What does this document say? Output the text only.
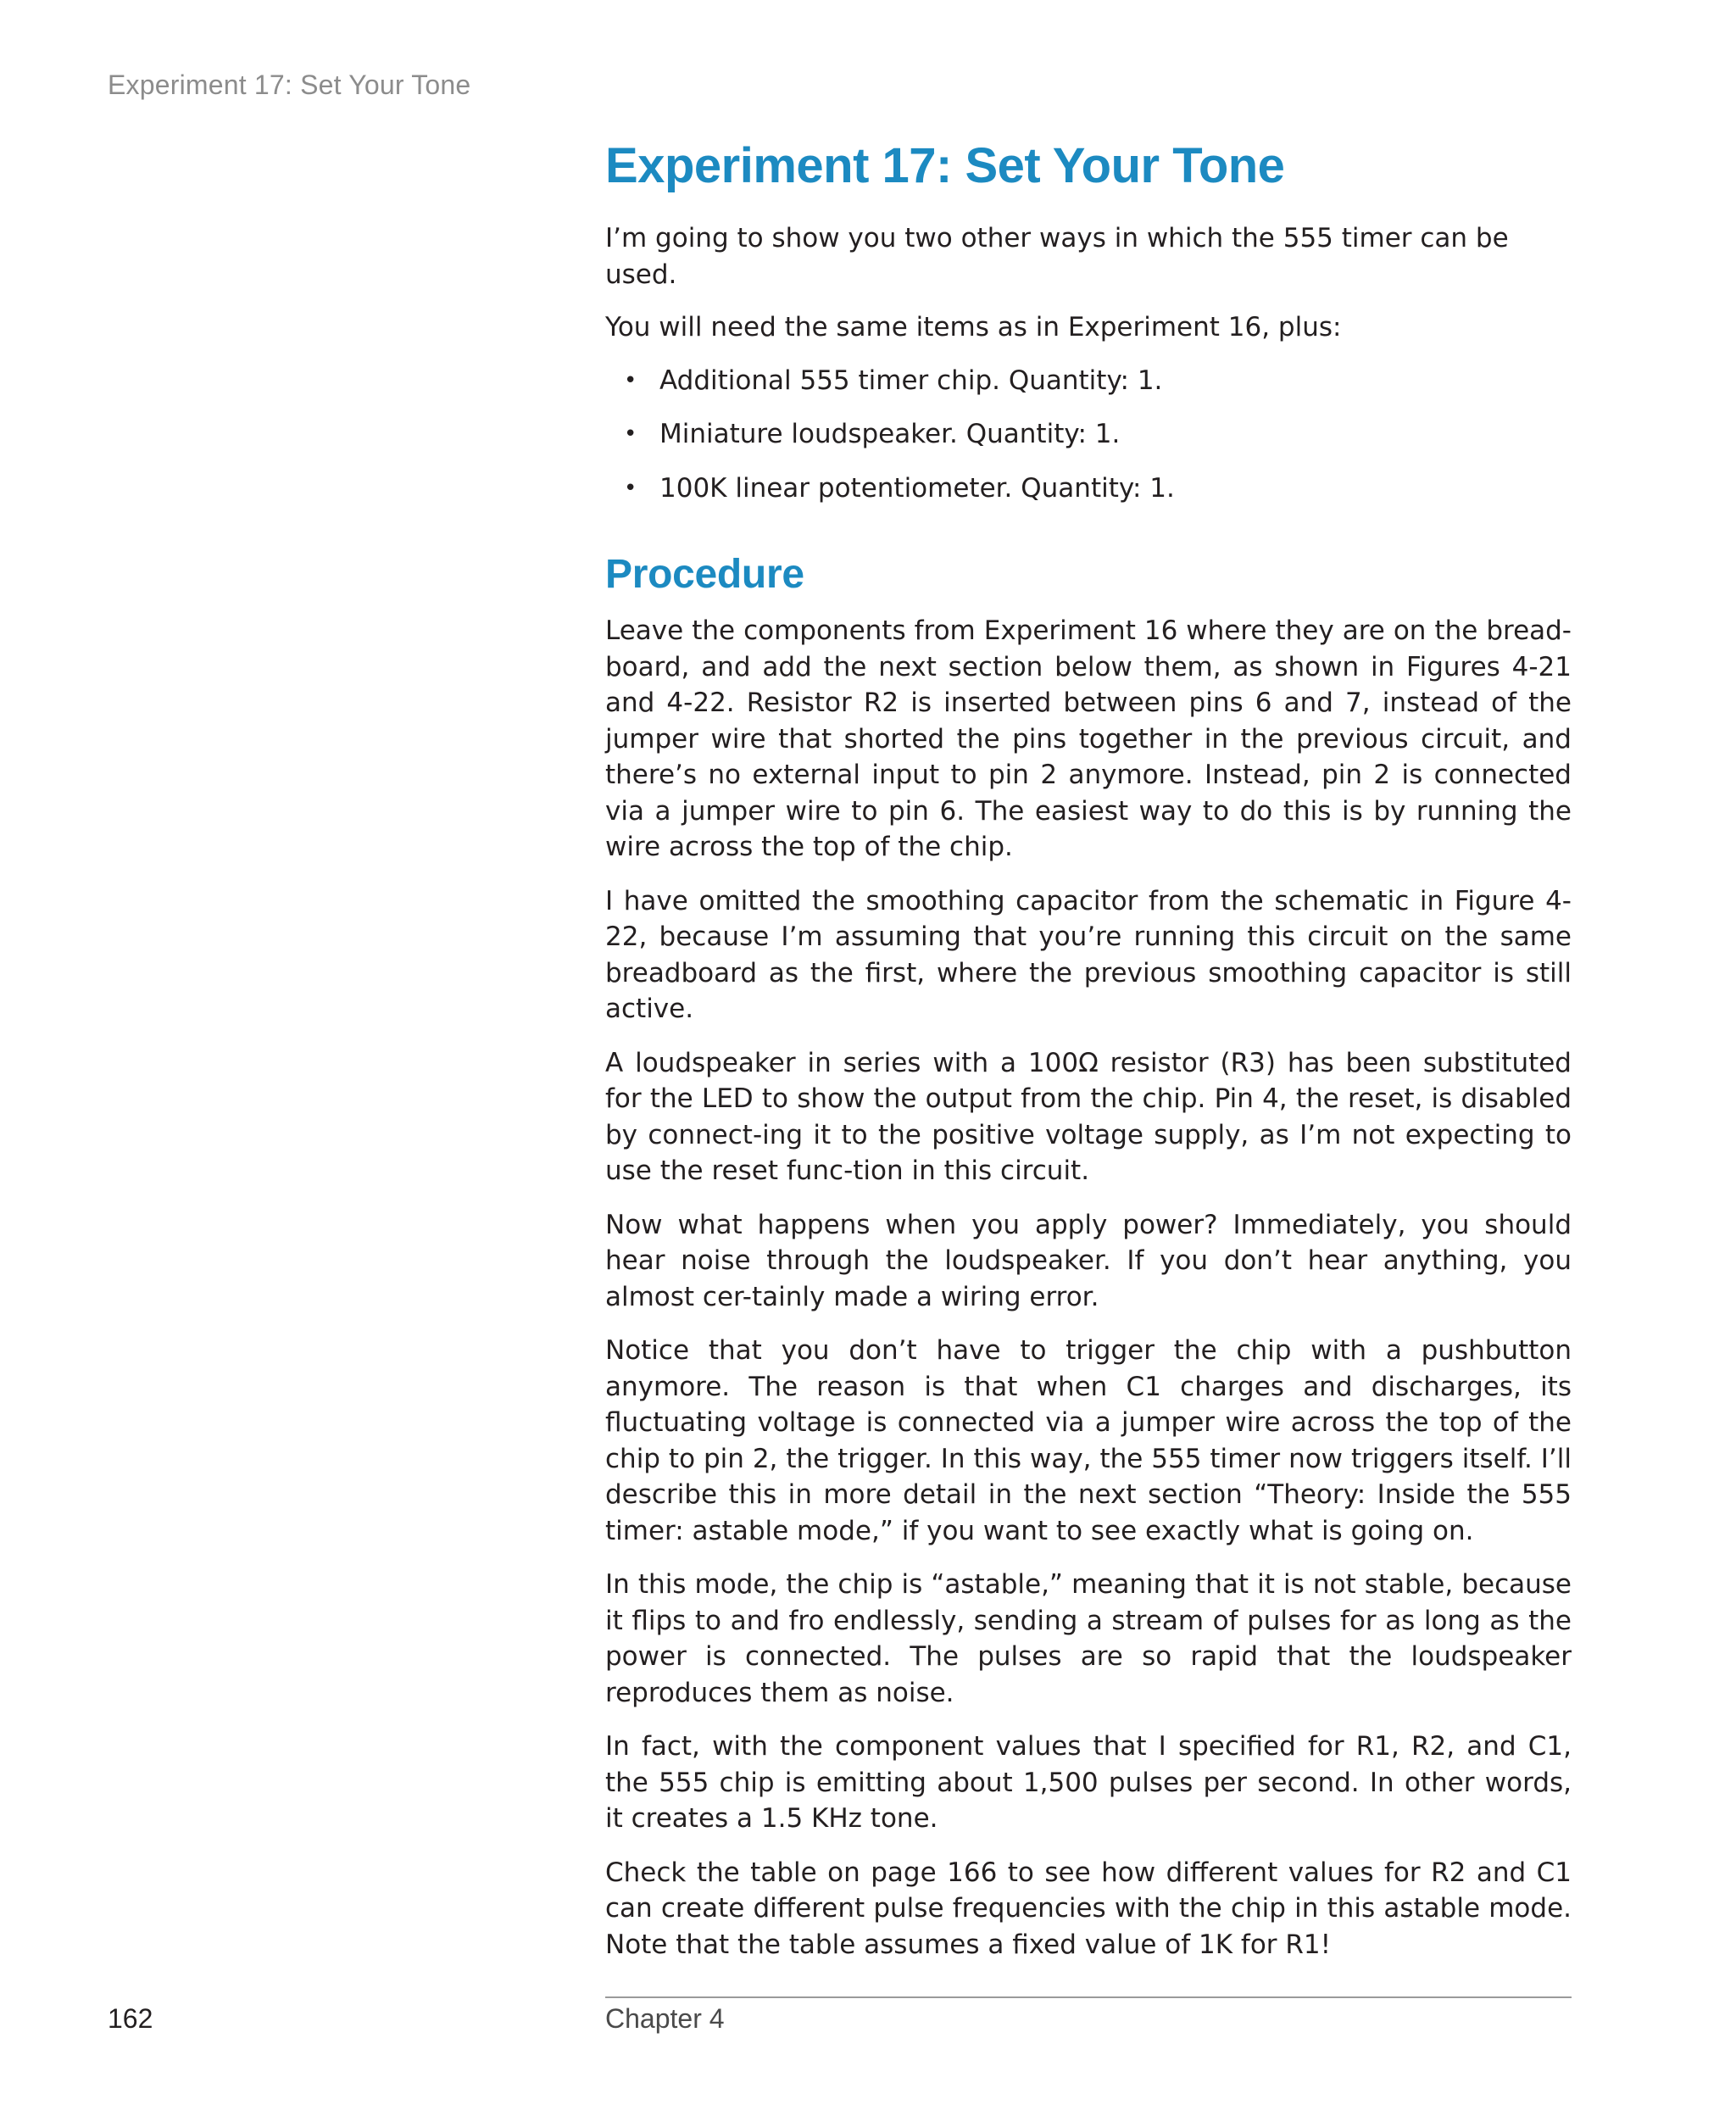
Experiment 17: Set Your Tone
Experiment 17: Set Your Tone

I’m going to show you two other ways in which the 555 timer can be used.

You will need the same items as in Experiment 16, plus:

• Additional 555 timer chip. Quantity: 1.
• Miniature loudspeaker. Quantity: 1.
• 100K linear potentiometer. Quantity: 1.
Procedure

Leave the components from Experiment 16 where they are on the bread-board, and add the next section below them, as shown in Figures 4-21 and 4-22. Resistor R2 is inserted between pins 6 and 7, instead of the jumper wire that shorted the pins together in the previous circuit, and there’s no external input to pin 2 anymore. Instead, pin 2 is connected via a jumper wire to pin 6. The easiest way to do this is by running the wire across the top of the chip.

I have omitted the smoothing capacitor from the schematic in Figure 4-22, because I’m assuming that you’re running this circuit on the same breadboard as the first, where the previous smoothing capacitor is still active.

A loudspeaker in series with a 100Ω resistor (R3) has been substituted for the LED to show the output from the chip. Pin 4, the reset, is disabled by connect-ing it to the positive voltage supply, as I’m not expecting to use the reset func-tion in this circuit.

Now what happens when you apply power? Immediately, you should hear noise through the loudspeaker. If you don’t hear anything, you almost cer-tainly made a wiring error.

Notice that you don’t have to trigger the chip with a pushbutton anymore. The reason is that when C1 charges and discharges, its fluctuating voltage is connected via a jumper wire across the top of the chip to pin 2, the trigger. In this way, the 555 timer now triggers itself. I’ll describe this in more detail in the next section “Theory: Inside the 555 timer: astable mode,” if you want to see exactly what is going on.

In this mode, the chip is “astable,” meaning that it is not stable, because it flips to and fro endlessly, sending a stream of pulses for as long as the power is connected. The pulses are so rapid that the loudspeaker reproduces them as noise.

In fact, with the component values that I specified for R1, R2, and C1, the 555 chip is emitting about 1,500 pulses per second. In other words, it creates a 1.5 KHz tone.

Check the table on page 166 to see how different values for R2 and C1 can create different pulse frequencies with the chip in this astable mode. Note that the table assumes a fixed value of 1K for R1!

162	Chapter 4
